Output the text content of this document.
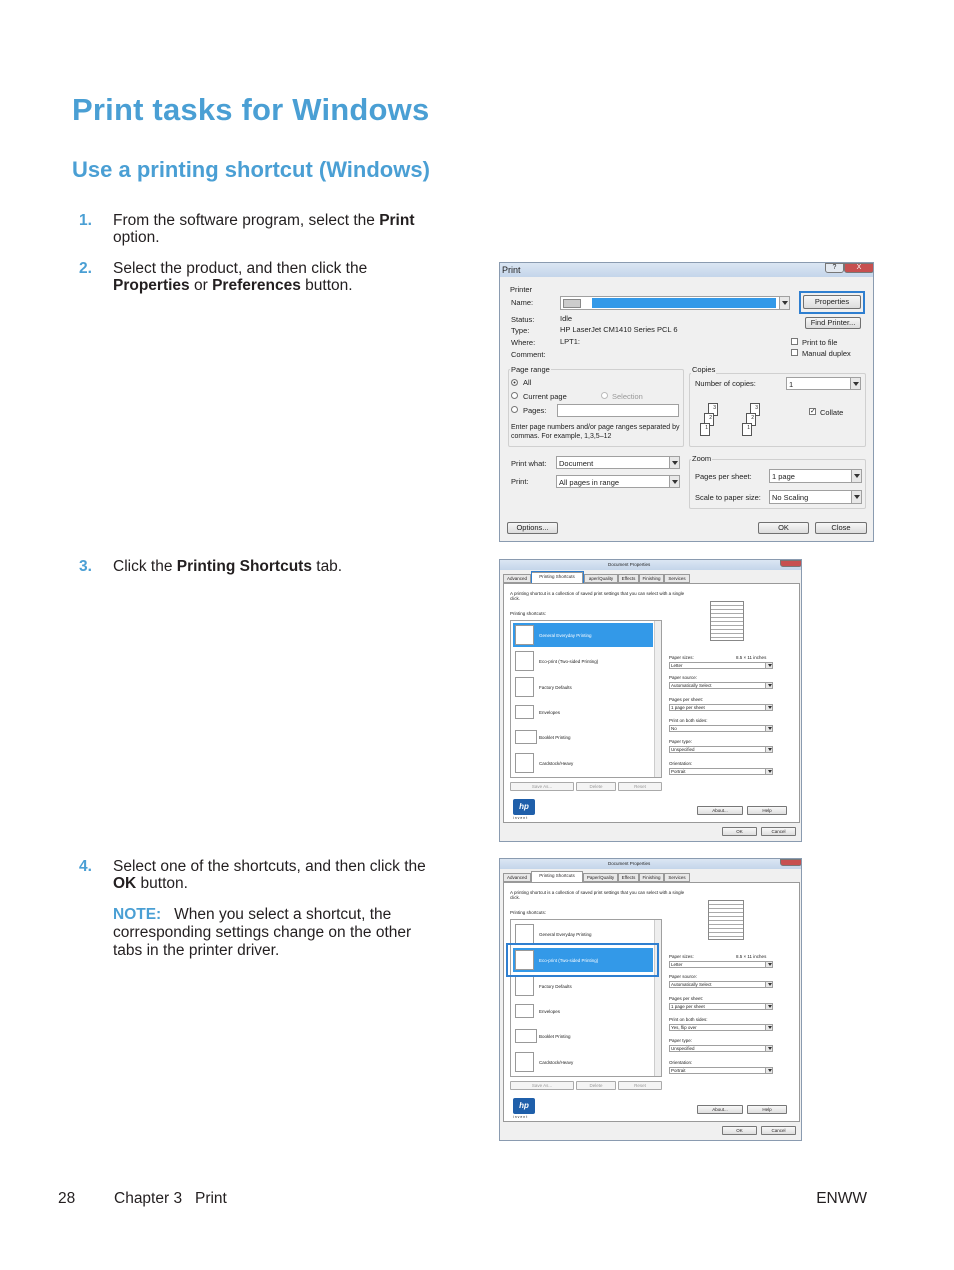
Print tasks for Windows
Use a printing shortcut (Windows)
1. From the software program, select the Print option.
2. Select the product, and then click the Properties or Preferences button.
3. Click the Printing Shortcuts tab.
4. Select one of the shortcuts, and then click the OK button.
NOTE: When you select a shortcut, the corresponding settings change on the other tabs in the printer driver.
Print	?	X
Printer
Name:
Status:	Idle
Type:	HP LaserJet CM1410 Series PCL 6
Where:	LPT1:
Comment:
Properties
Find Printer...
Print to file
Manual duplex
Page range
All
Current page	Selection
Pages:
Enter page numbers and/or page ranges separated by commas. For example, 1,3,5–12
Copies
Number of copies:	1
3
2
1
3
2
1
✓ Collate
Print what: Document
Print:	All pages in range
Zoom
Pages per sheet:	1 page
Scale to paper size: No Scaling
Options...	OK	Close
Document Properties
Advanced	Printing Shortcuts	aper/Quality	Effects	Finishing	Services
A printing shortcut is a collection of saved print settings that you can select with a single click.
Printing shortcuts:
General Everyday Printing
Eco-print (Two-sided Printing)
Factory Defaults
Envelopes
Booklet Printing
Cardstock/Heavy
Save As...	Delete	Reset
Paper sizes:	8.5 × 11 inches
Letter
Paper source:
Automatically Select
Pages per sheet:
1 page per sheet
Print on both sides:
No
Paper type:
Unspecified
Orientation:
Portrait
hp
i n v e n t
About...	Help
OK	Cancel
Document Properties
Advanced	Printing Shortcuts	Paper/Quality	Effects	Finishing	Services
A printing shortcut is a collection of saved print settings that you can select with a single click.
Printing shortcuts:
General Everyday Printing
Eco-print (Two-sided Printing)
Factory Defaults
Envelopes
Booklet Printing
Cardstock/Heavy
Save As...	Delete	Reset
Paper sizes:	8.5 × 11 inches
Letter
Paper source:
Automatically Select
Pages per sheet:
1 page per sheet
Print on both sides:
Yes, flip over
Paper type:
Unspecified
Orientation:
Portrait
hp
i n v e n t
About...	Help
OK	Cancel
28	Chapter 3   Print	ENWW
